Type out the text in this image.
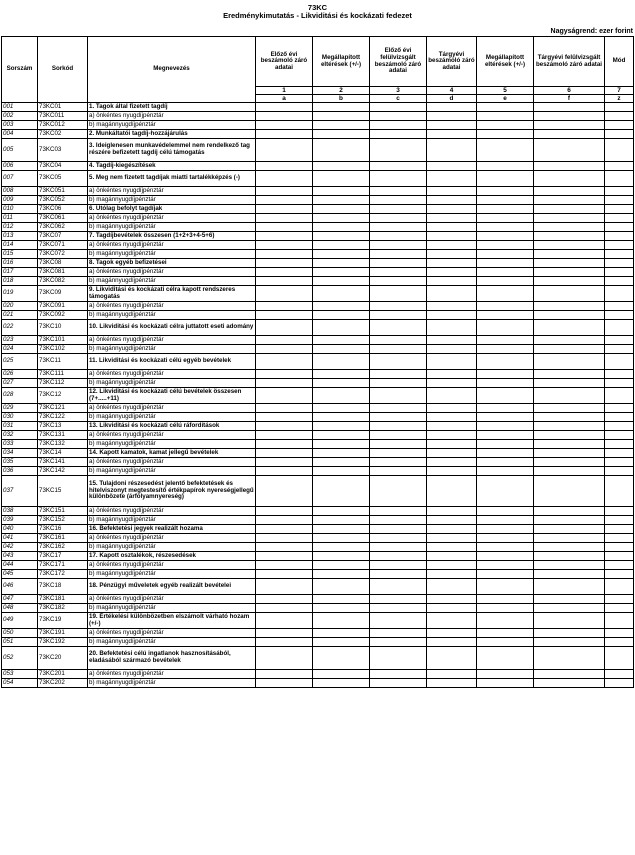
73KC
Eredménykimutatás - Likviditási és kockázati fedezet
Nagyságrend: ezer forint
Sorszám	Sorkód	Megnevezés	Előző évi beszámoló záró adatai	Megállapított eltérések (+/-)	Előző évi felülvizsgált beszámoló záró adatai	Tárgyévi beszámoló záró adatai	Megállapított eltérések (+/-)	Tárgyévi felülvizsgált beszámoló záró adatai	Mód
			1	2	3	4	5	6	7
			a	b	c	d	e	f	z
001	73KC01	1. Tagok által fizetett tagdíj							
002	73KC011	a) önkéntes nyugdíjpénztár							
003	73KC012	b) magánnyugdíjpénztár							
004	73KC02	2. Munkáltatói tagdíj-hozzájárulás							
005	73KC03	3. Ideiglenesen munkavédelemmel nem rendelkező tag részére befizetett tagdíj célú támogatás							
006	73KC04	4. Tagdíj-kiegészítések							
007	73KC05	5. Meg nem fizetett tagdíjak miatti tartalékképzés (-)							
008	73KC051	a) önkéntes nyugdíjpénztár							
009	73KC052	b) magánnyugdíjpénztár							
010	73KC06	6. Utólag befolyt tagdíjak							
011	73KC061	a) önkéntes nyugdíjpénztár							
012	73KC062	b) magánnyugdíjpénztár							
013	73KC07	7. Tagdíjbevételek összesen (1+2+3+4-5+6)							
014	73KC071	a) önkéntes nyugdíjpénztár							
015	73KC072	b) magánnyugdíjpénztár							
016	73KC08	8. Tagok egyéb befizetései							
017	73KC081	a) önkéntes nyugdíjpénztár							
018	73KC082	b) magánnyugdíjpénztár							
019	73KC09	9. Likviditási és kockázati célra kapott rendszeres támogatás							
020	73KC091	a) önkéntes nyugdíjpénztár							
021	73KC092	b) magánnyugdíjpénztár							
022	73KC10	10. Likviditási és kockázati célra juttatott eseti adomány							
023	73KC101	a) önkéntes nyugdíjpénztár							
024	73KC102	b) magánnyugdíjpénztár							
025	73KC11	11. Likviditási és kockázati célú egyéb bevételek							
026	73KC111	a) önkéntes nyugdíjpénztár							
027	73KC112	b) magánnyugdíjpénztár							
028	73KC12	12. Likviditási és kockázati célú bevételek összesen (7+.....+11)							
029	73KC121	a) önkéntes nyugdíjpénztár							
030	73KC122	b) magánnyugdíjpénztár							
031	73KC13	13. Likviditási és kockázati célú ráfordítások							
032	73KC131	a) önkéntes nyugdíjpénztár							
033	73KC132	b) magánnyugdíjpénztár							
034	73KC14	14. Kapott kamatok, kamat jellegű bevételek							
035	73KC141	a) önkéntes nyugdíjpénztár							
036	73KC142	b) magánnyugdíjpénztár							
037	73KC15	15. Tulajdoni részesedést jelentő befektetések és hitelviszonyt megtestesítő értékpapírok nyereségjellegű különbözete (árfolyamnyereség)							
038	73KC151	a) önkéntes nyugdíjpénztár							
039	73KC152	b) magánnyugdíjpénztár							
040	73KC16	16. Befektetési jegyek realizált hozama							
041	73KC161	a) önkéntes nyugdíjpénztár							
042	73KC162	b) magánnyugdíjpénztár							
043	73KC17	17. Kapott osztalékok, részesedések							
044	73KC171	a) önkéntes nyugdíjpénztár							
045	73KC172	b) magánnyugdíjpénztár							
046	73KC18	18. Pénzügyi műveletek egyéb realizált bevételei							
047	73KC181	a) önkéntes nyugdíjpénztár							
048	73KC182	b) magánnyugdíjpénztár							
049	73KC19	19. Értékelési különbözetben elszámolt várható hozam (+/-)							
050	73KC191	a) önkéntes nyugdíjpénztár							
051	73KC192	b) magánnyugdíjpénztár							
052	73KC20	20. Befektetési célú ingatlanok hasznosításából, eladásából származó bevételek							
053	73KC201	a) önkéntes nyugdíjpénztár							
054	73KC202	b) magánnyugdíjpénztár							
